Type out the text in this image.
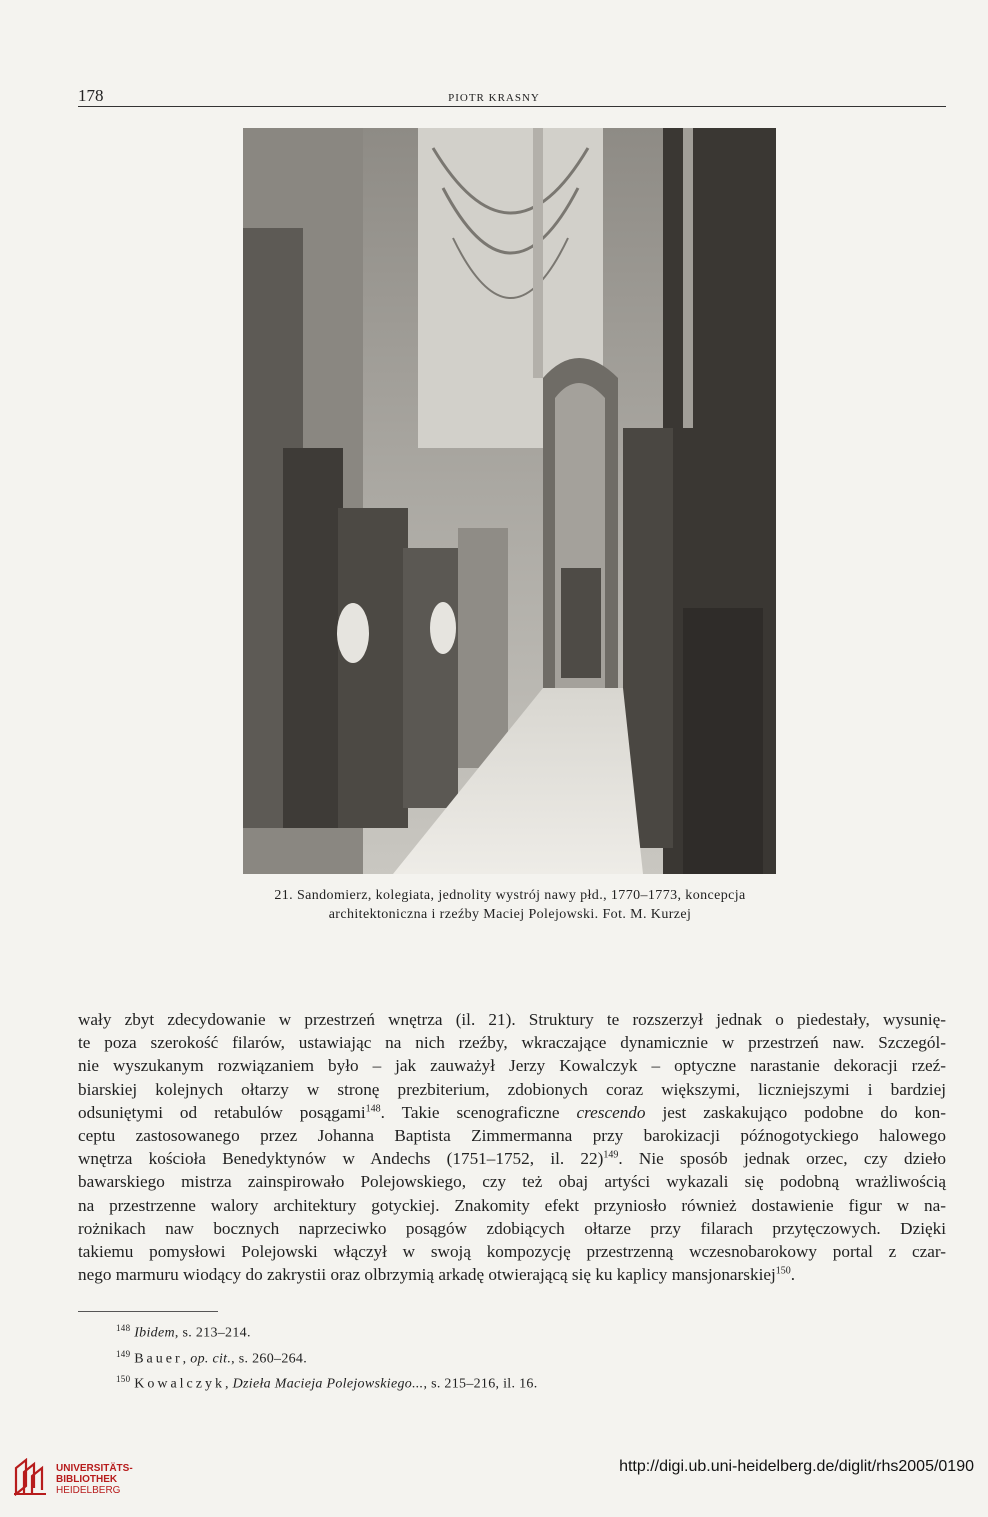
178	PIOTR KRASNY

21. Sandomierz, kolegiata, jednolity wystrój nawy płd., 1770–1773, koncepcja

architektoniczna i rzeźby Maciej Polejowski. Fot. M. Kurzej

wały zbyt zdecydowanie w przestrzeń wnętrza (il. 21). Struktury te rozszerzył jednak o piedestały, wysunię-
te poza szerokość filarów, ustawiając na nich rzeźby, wkraczające dynamicznie w przestrzeń naw. Szczegól-
nie wyszukanym rozwiązaniem było – jak zauważył Jerzy Kowalczyk – optyczne narastanie dekoracji rzeź-
biarskiej kolejnych ołtarzy w stronę prezbiterium, zdobionych coraz większymi, liczniejszymi i bardziej
odsuniętymi od retabulów posągami$^{148}$. Takie scenograficzne crescendo jest zaskakująco podobne do kon-
ceptu zastosowanego przez Johanna Baptista Zimmermanna przy barokizacji późnogotyckiego halowego
wnętrza kościoła Benedyktynów w Andechs (1751–1752, il. 22)$^{149}$. Nie sposób jednak orzec, czy dzieło
bawarskiego mistrza zainspirowało Polejowskiego, czy też obaj artyści wykazali się podobną wrażliwością
na przestrzenne walory architektury gotyckiej. Znakomity efekt przyniosło również dostawienie figur w na-
rożnikach naw bocznych naprzeciwko posągów zdobiących ołtarze przy filarach przytęczowych. Dzięki
takiemu pomysłowi Polejowski włączył w swoją kompozycję przestrzenną wczesnobarokowy portal z czar-
nego marmuru wiodący do zakrystii oraz olbrzymią arkadę otwierającą się ku kaplicy mansjonarskiej$^{150}$.

$^{148}$ Ibidem, s. 213–214.

$^{149}$ Bauer, op. cit., s. 260–264.

$^{150}$ Kowalczyk, Dzieła Macieja Polejowskiego..., s. 215–216, il. 16.

UNIVERSITÄTS-
BIBLIOTHEK
HEIDELBERG
http://digi.ub.uni-heidelberg.de/diglit/rhs2005/0190
